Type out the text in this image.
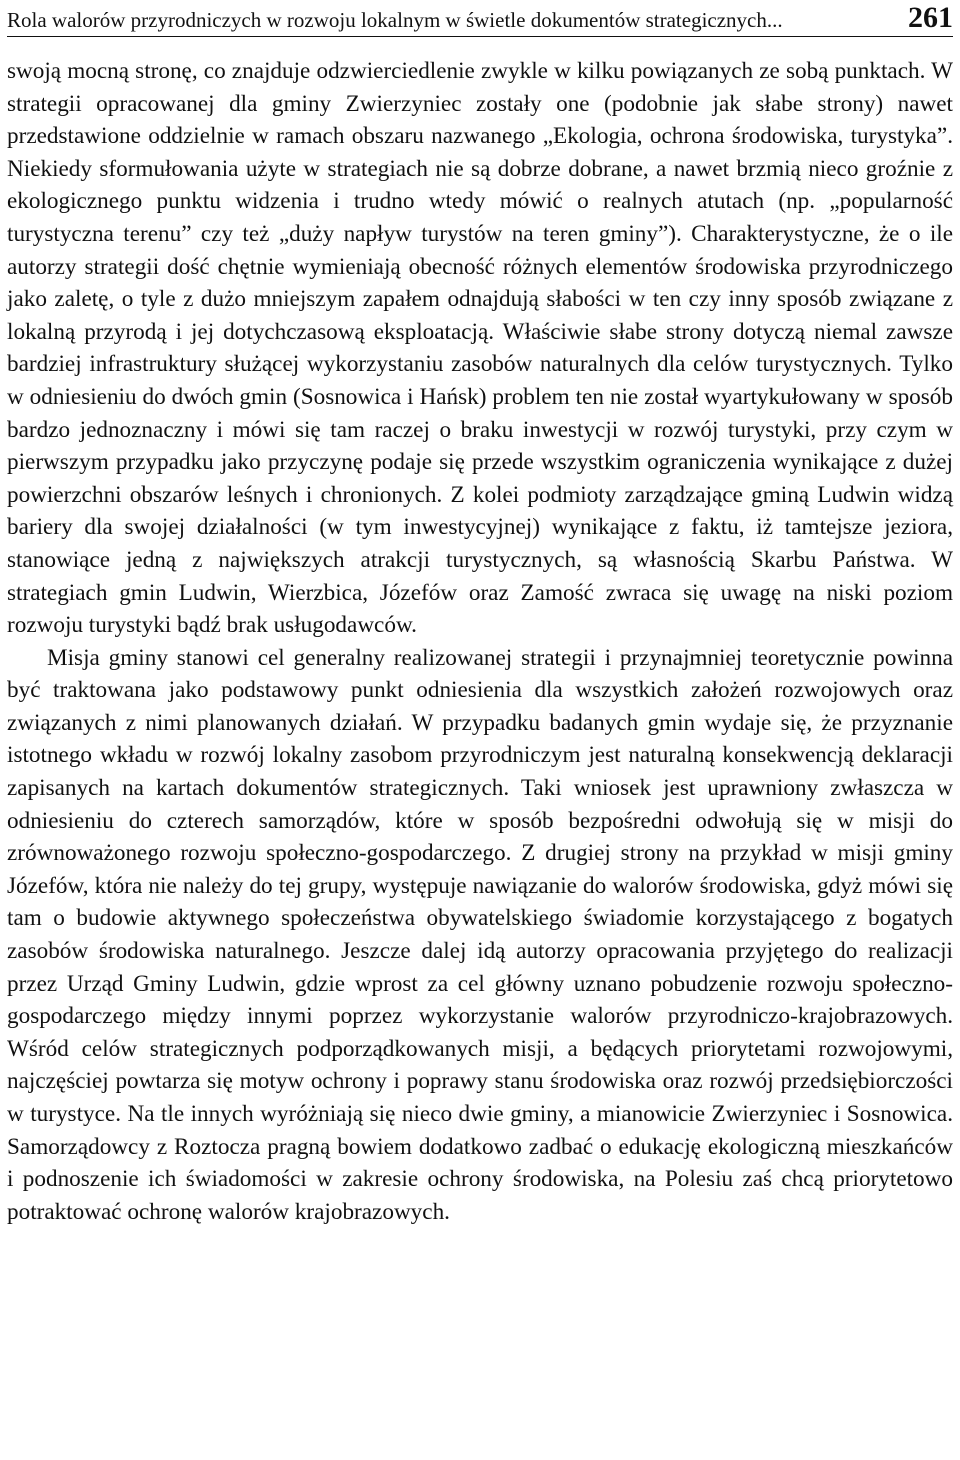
Rola walorów przyrodniczych w rozwoju lokalnym w świetle dokumentów strategicznych...	261

swoją mocną stronę, co znajduje odzwierciedlenie zwykle w kilku powiązanych ze sobą punktach. W strategii opracowanej dla gminy Zwierzyniec zostały one (podobnie jak słabe strony) nawet przedstawione oddzielnie w ramach obszaru nazwanego „Ekologia, ochrona środowiska, turystyka”. Niekiedy sformułowania użyte w strategiach nie są dobrze dobrane, a nawet brzmią nieco groźnie z ekologicznego punktu widzenia i trudno wtedy mówić o realnych atutach (np. „popularność turystyczna terenu” czy też „duży napływ turystów na teren gminy”). Charakterystyczne, że o ile autorzy strategii dość chętnie wymieniają obecność różnych elementów środowiska przyrodniczego jako zaletę, o tyle z dużo mniejszym zapałem odnajdują słabości w ten czy inny sposób związane z lokalną przyrodą i jej dotychczasową eksploatacją. Właściwie słabe strony dotyczą niemal zawsze bardziej infrastruktury służącej wykorzystaniu zasobów naturalnych dla celów turystycznych. Tylko w odniesieniu do dwóch gmin (Sosnowica i Hańsk) problem ten nie został wyartykułowany w sposób bardzo jednoznaczny i mówi się tam raczej o braku inwestycji w rozwój turystyki, przy czym w pierwszym przypadku jako przyczynę podaje się przede wszystkim ograniczenia wynikające z dużej powierzchni obszarów leśnych i chronionych. Z kolei podmioty zarządzające gminą Ludwin widzą bariery dla swojej działalności (w tym inwestycyjnej) wynikające z faktu, iż tamtejsze jeziora, stanowiące jedną z największych atrakcji turystycznych, są własnością Skarbu Państwa. W strategiach gmin Ludwin, Wierzbica, Józefów oraz Zamość zwraca się uwagę na niski poziom rozwoju turystyki bądź brak usługodawców.

Misja gminy stanowi cel generalny realizowanej strategii i przynajmniej teoretycznie powinna być traktowana jako podstawowy punkt odniesienia dla wszystkich założeń rozwojowych oraz związanych z nimi planowanych działań. W przypadku badanych gmin wydaje się, że przyznanie istotnego wkładu w rozwój lokalny zasobom przyrodniczym jest naturalną konsekwencją deklaracji zapisanych na kartach dokumentów strategicznych. Taki wniosek jest uprawniony zwłaszcza w odniesieniu do czterech samorządów, które w sposób bezpośredni odwołują się w misji do zrównoważonego rozwoju społeczno-gospodarczego. Z drugiej strony na przykład w misji gminy Józefów, która nie należy do tej grupy, występuje nawiązanie do walorów środowiska, gdyż mówi się tam o budowie aktywnego społeczeństwa obywatelskiego świadomie korzystającego z bogatych zasobów środowiska naturalnego. Jeszcze dalej idą autorzy opracowania przyjętego do realizacji przez Urząd Gminy Ludwin, gdzie wprost za cel główny uznano pobudzenie rozwoju społeczno-gospodarczego między innymi poprzez wykorzystanie walorów przyrodniczo-krajobrazowych. Wśród celów strategicznych podporządkowanych misji, a będących priorytetami rozwojowymi, najczęściej powtarza się motyw ochrony i poprawy stanu środowiska oraz rozwój przedsiębiorczości w turystyce. Na tle innych wyróżniają się nieco dwie gminy, a mianowicie Zwierzyniec i Sosnowica. Samorządowcy z Roztocza pragną bowiem dodatkowo zadbać o edukację ekologiczną mieszkańców i podnoszenie ich świadomości w zakresie ochrony środowiska, na Polesiu zaś chcą priorytetowo potraktować ochronę walorów krajobrazowych.
